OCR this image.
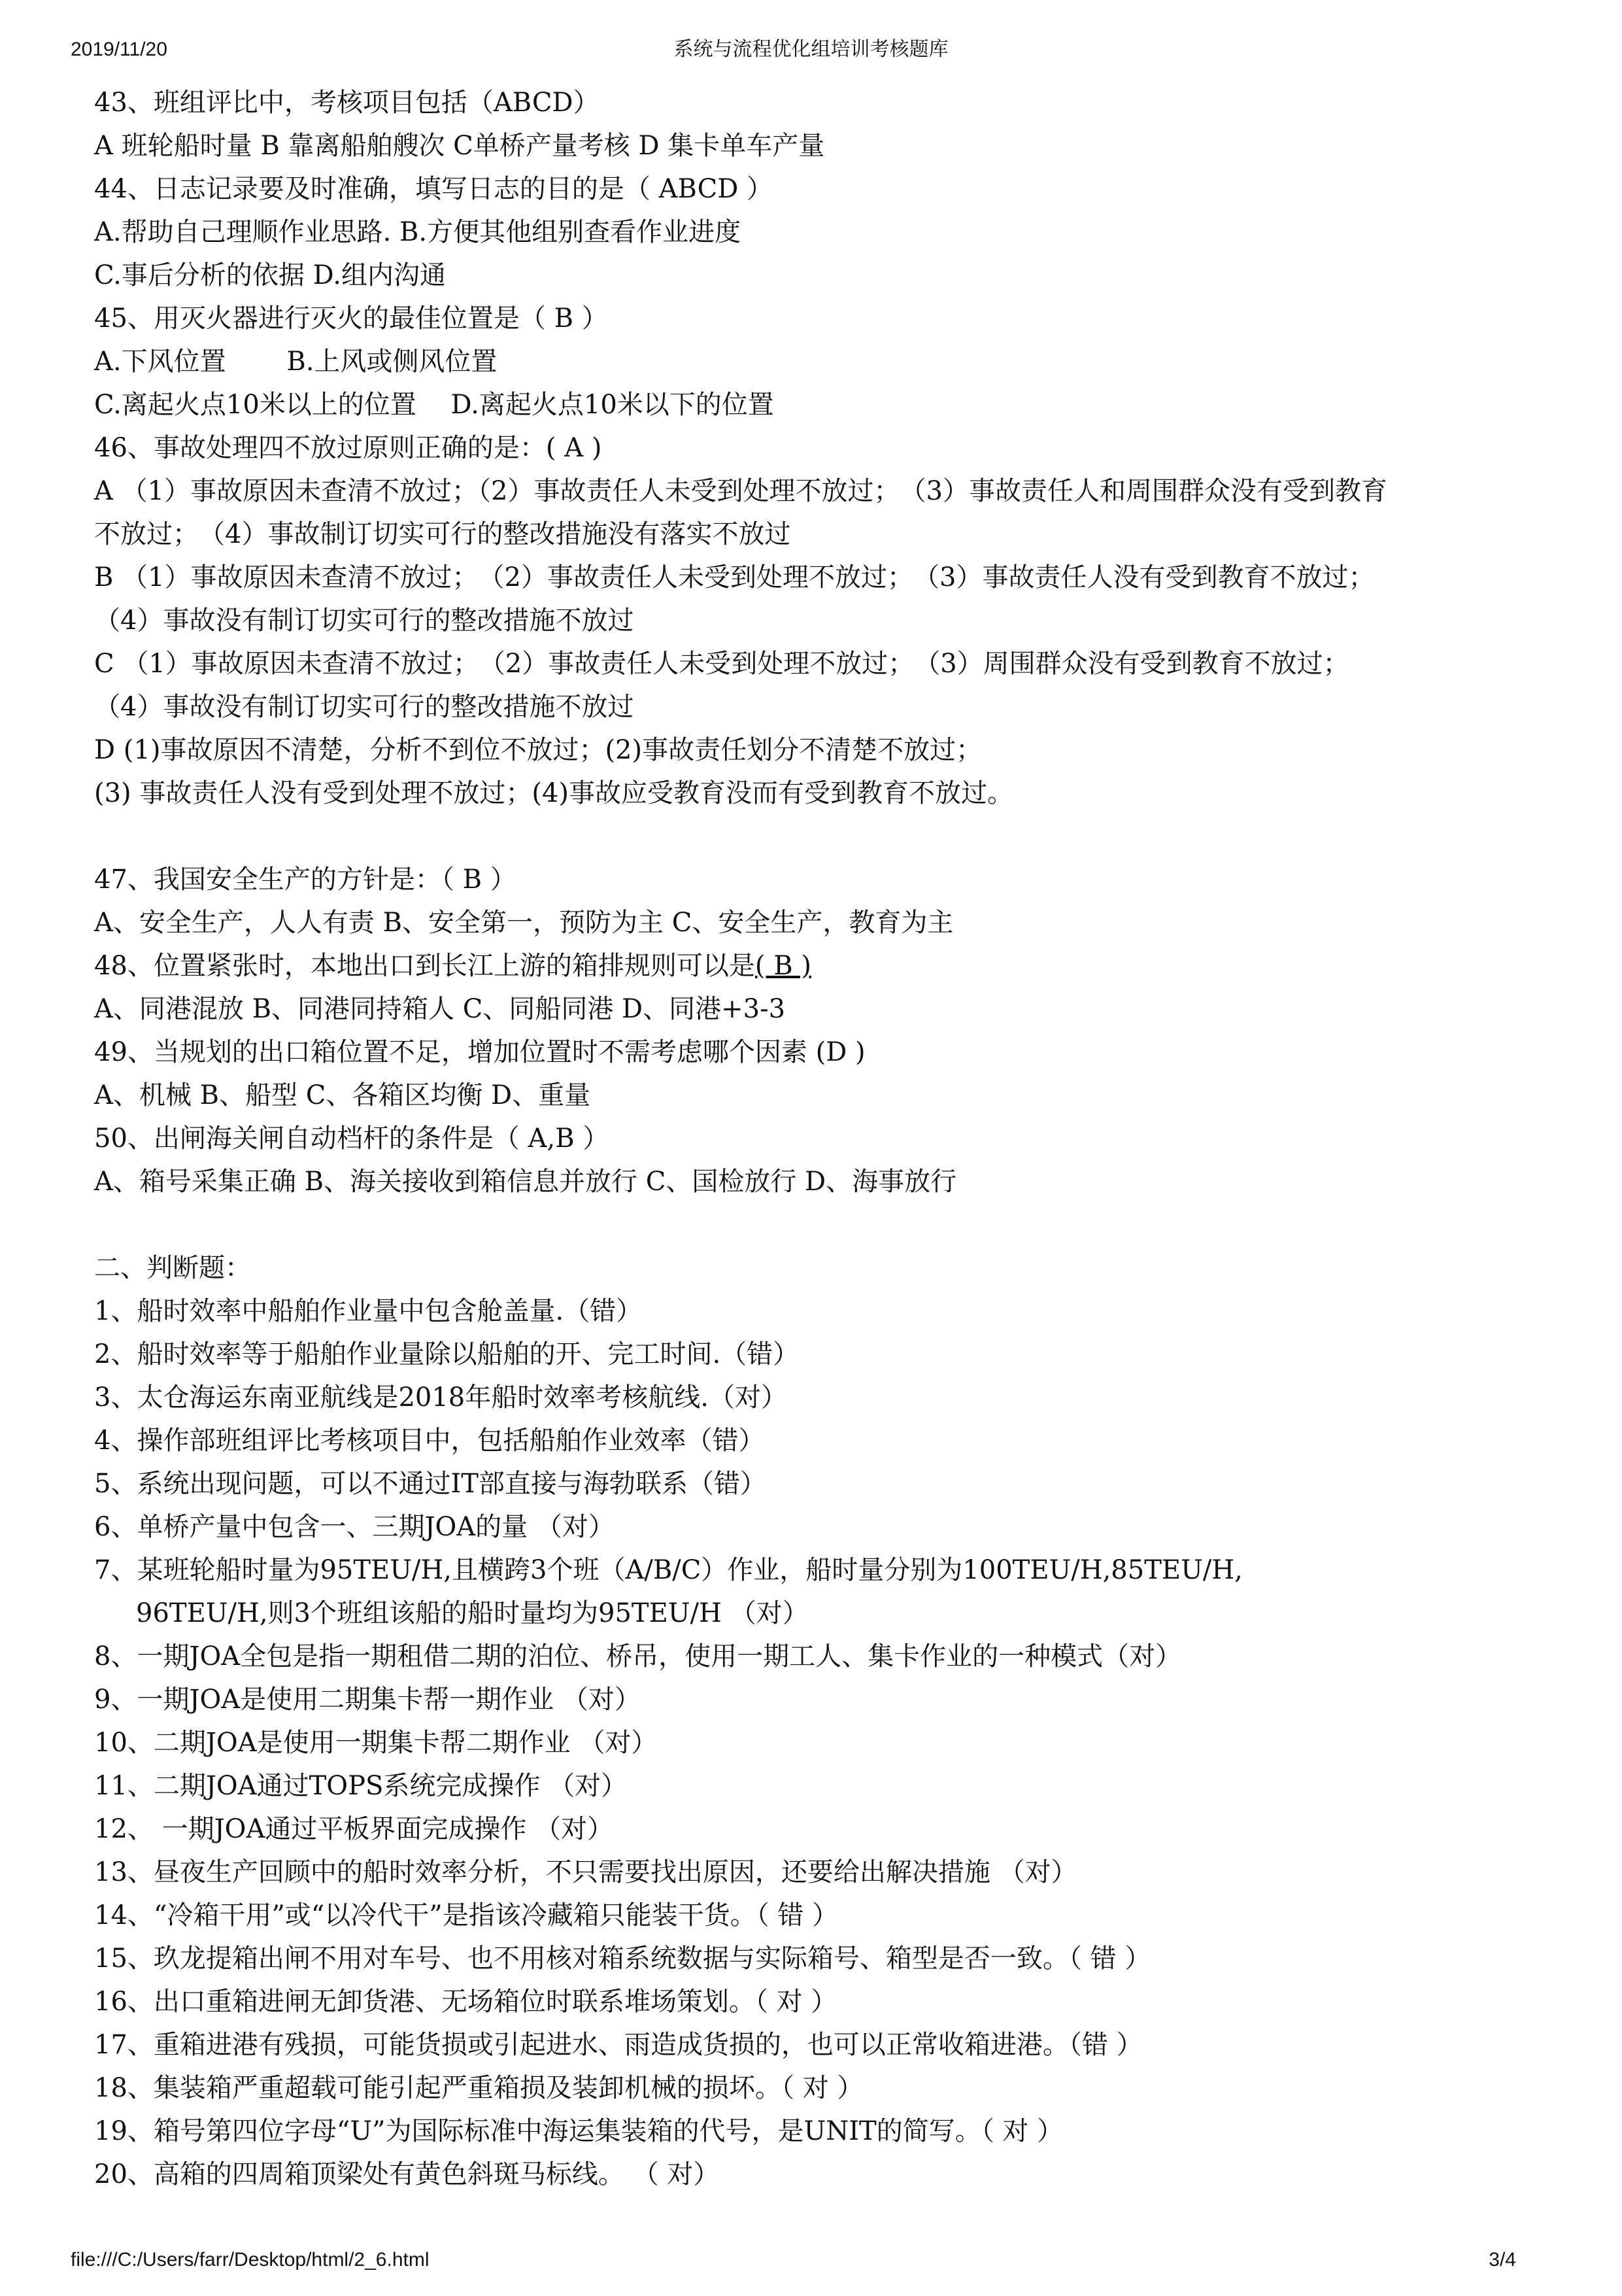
2019/11/20	系统与流程优化组培训考核题库
43、班组评比中，考核项目包括（ABCD）
A 班轮船时量 B 靠离船舶艘次 C单桥产量考核 D 集卡单车产量
44、日志记录要及时准确，填写日志的目的是（ ABCD ）
A.帮助自己理顺作业思路. B.方便其他组别查看作业进度
C.事后分析的依据 D.组内沟通
45、用灭火器进行灭火的最佳位置是（ B ）
A.下风位置　　 B.上风或侧风位置
C.离起火点10米以上的位置　 D.离起火点10米以下的位置
46、事故处理四不放过原则正确的是：( A )
A （1）事故原因未查清不放过；（2）事故责任人未受到处理不放过；　（3）事故责任人和周围群众没有受到教育
不放过；　（4）事故制订切实可行的整改措施没有落实不放过
B （1）事故原因未查清不放过；　（2）事故责任人未受到处理不放过；　（3）事故责任人没有受到教育不放过；
（4）事故没有制订切实可行的整改措施不放过
C （1）事故原因未查清不放过；　（2）事故责任人未受到处理不放过；　（3）周围群众没有受到教育不放过；
（4）事故没有制订切实可行的整改措施不放过
D (1)事故原因不清楚，分析不到位不放过；(2)事故责任划分不清楚不放过；
(3) 事故责任人没有受到处理不放过；(4)事故应受教育没而有受到教育不放过。
47、我国安全生产的方针是：（ B ）
A、安全生产，人人有责 B、安全第一，预防为主 C、安全生产，教育为主
48、位置紧张时，本地出口到长江上游的箱排规则可以是( B )
A、同港混放 B、同港同持箱人 C、同船同港 D、同港+3-3
49、当规划的出口箱位置不足，增加位置时不需考虑哪个因素 (D )
A、机械 B、船型 C、各箱区均衡 D、重量
50、出闸海关闸自动档杆的条件是（ A,B ）
A、箱号采集正确 B、海关接收到箱信息并放行 C、国检放行 D、海事放行
二、判断题：
1、船时效率中船舶作业量中包含舱盖量.（错）
2、船时效率等于船舶作业量除以船舶的开、完工时间.（错）
3、太仓海运东南亚航线是2018年船时效率考核航线.（对）
4、操作部班组评比考核项目中，包括船舶作业效率（错）
5、系统出现问题，可以不通过IT部直接与海勃联系（错）
6、单桥产量中包含一、三期JOA的量 （对）
7、某班轮船时量为95TEU/H,且横跨3个班（A/B/C）作业，船时量分别为100TEU/H,85TEU/H,
96TEU/H,则3个班组该船的船时量均为95TEU/H （对）
8、一期JOA全包是指一期租借二期的泊位、桥吊，使用一期工人、集卡作业的一种模式（对）
9、一期JOA是使用二期集卡帮一期作业 （对）
10、二期JOA是使用一期集卡帮二期作业 （对）
11、二期JOA通过TOPS系统完成操作 （对）
12、 一期JOA通过平板界面完成操作 （对）
13、昼夜生产回顾中的船时效率分析，不只需要找出原因，还要给出解决措施 （对）
14、“冷箱干用”或“以冷代干”是指该冷藏箱只能装干货。（ 错 ）
15、玖龙提箱出闸不用对车号、也不用核对箱系统数据与实际箱号、箱型是否一致。（ 错 ）
16、出口重箱进闸无卸货港、无场箱位时联系堆场策划。（ 对 ）
17、重箱进港有残损，可能货损或引起进水、雨造成货损的，也可以正常收箱进港。（错 ）
18、集装箱严重超载可能引起严重箱损及装卸机械的损坏。（ 对 ）
19、箱号第四位字母“U”为国际标准中海运集装箱的代号，是UNIT的简写。（ 对 ）
20、高箱的四周箱顶梁处有黄色斜斑马标线。 （ 对）
file:///C:/Users/farr/Desktop/html/2_6.html	3/4
